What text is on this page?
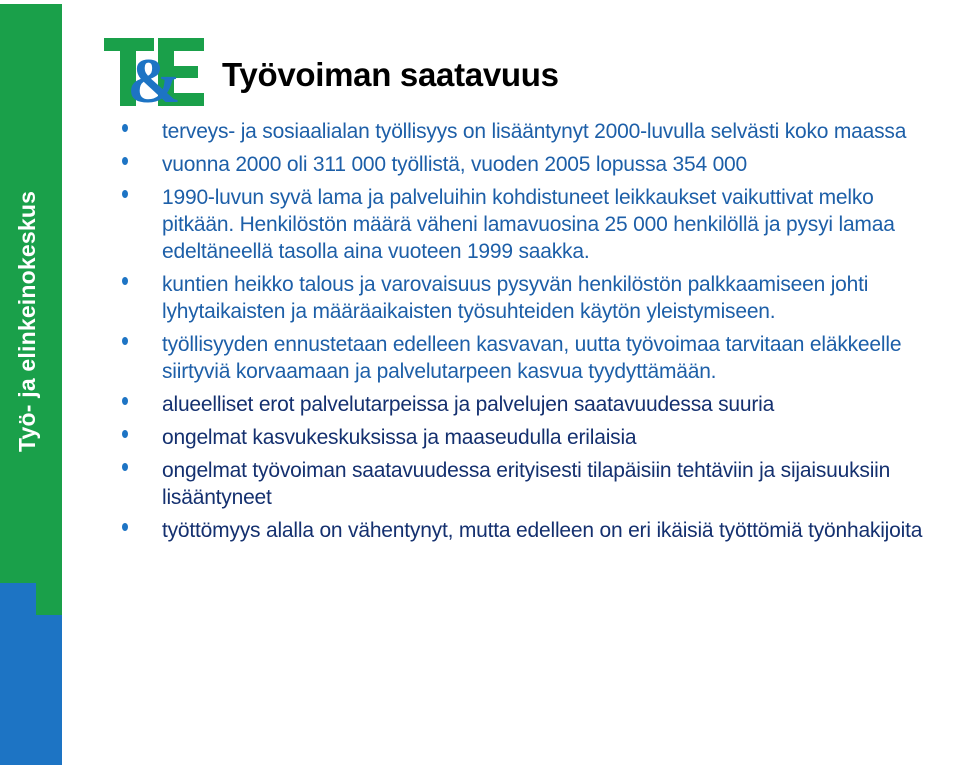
Työ- ja elinkeinokeskus
& Työvoiman saatavuus
terveys- ja sosiaalialan työllisyys on lisääntynyt 2000-luvulla selvästi koko maassa
vuonna 2000 oli 311 000 työllistä, vuoden 2005 lopussa 354 000
1990-luvun syvä lama ja palveluihin kohdistuneet leikkaukset vaikuttivat melko pitkään. Henkilöstön määrä väheni lamavuosina 25 000 henkilöllä ja pysyi lamaa edeltäneellä tasolla aina vuoteen 1999 saakka.
kuntien heikko talous ja varovaisuus pysyvän henkilöstön palkkaamiseen johti lyhytaikaisten ja määräaikaisten työsuhteiden käytön yleistymiseen.
työllisyyden ennustetaan edelleen kasvavan, uutta työvoimaa tarvitaan eläkkeelle siirtyviä korvaamaan ja palvelutarpeen kasvua tyydyttämään.
alueelliset erot palvelutarpeissa ja palvelujen saatavuudessa suuria
ongelmat kasvukeskuksissa ja maaseudulla erilaisia
ongelmat työvoiman saatavuudessa erityisesti tilapäisiin tehtäviin ja sijaisuuksiin lisääntyneet
työttömyys alalla on vähentynyt, mutta edelleen on eri ikäisiä työttömiä työnhakijoita
